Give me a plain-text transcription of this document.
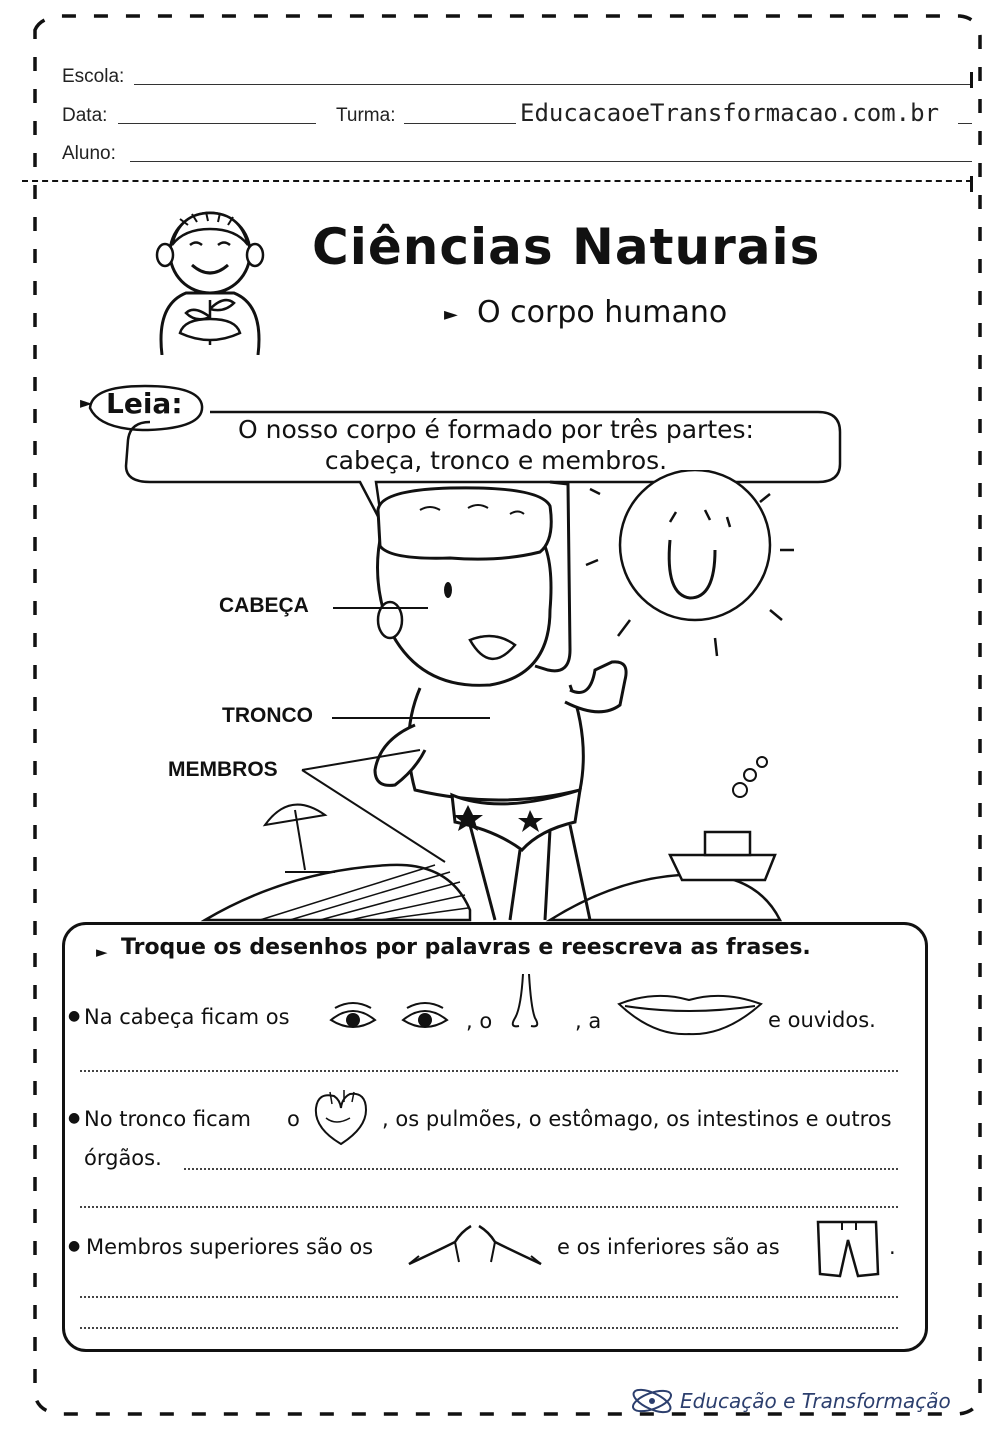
Escola:
Data:	Turma:	EducacaoeTransformacao.com.br
Aluno:
Ciências Naturais
► O corpo humano
► Leia:
O nosso corpo é formado por três partes:
cabeça, tronco e membros.
CABEÇA
TRONCO
MEMBROS
► Troque os desenhos por palavras e reescreva as frases.
● Na cabeça ficam os	, o	, a	e ouvidos.
● No tronco ficam o	, os pulmões, o estômago, os intestinos e outros
órgãos.
● Membros superiores são os	e os inferiores são as	.
Educação e Transformação
